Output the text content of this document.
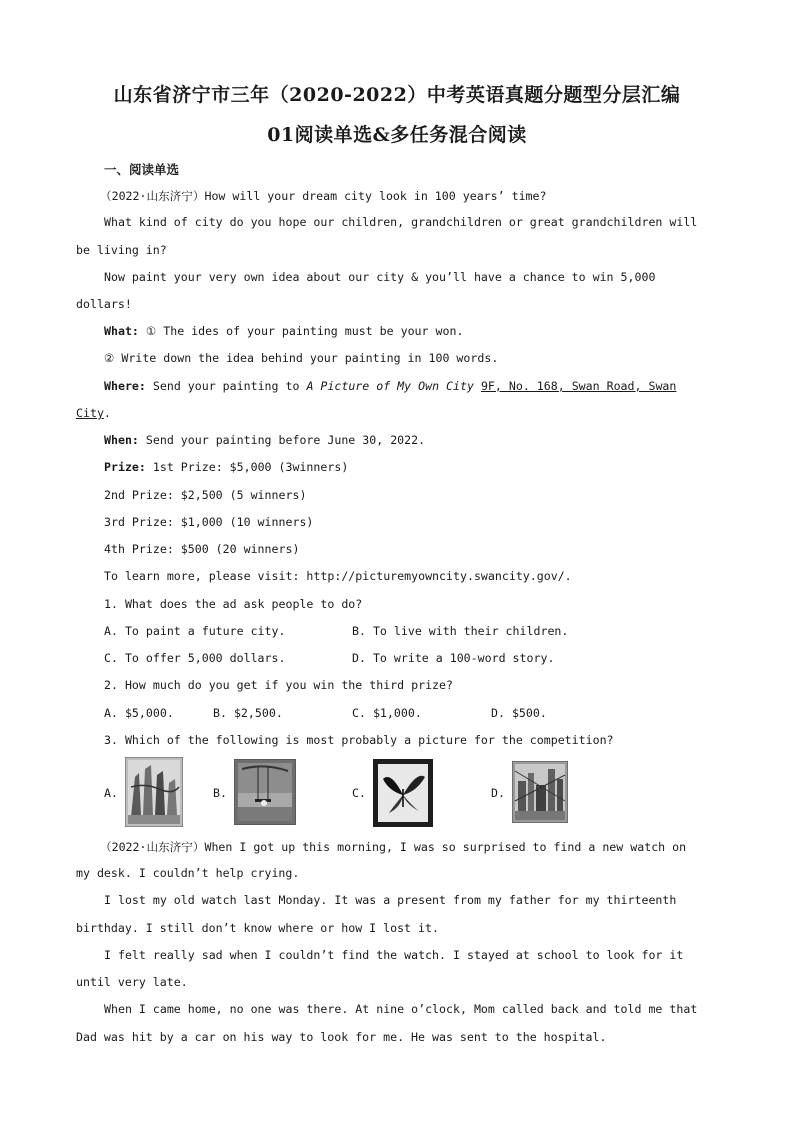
山东省济宁市三年（2020-2022）中考英语真题分题型分层汇编
01阅读单选&多任务混合阅读
一、阅读单选
（2022·山东济宁）How will your dream city look in 100 years’ time?
What kind of city do you hope our children, grandchildren or great grandchildren will
be living in?
Now paint your very own idea about our city & you’ll have a chance to win 5,000
dollars!
What: ① The ides of your painting must be your won.
② Write down the idea behind your painting in 100 words.
Where: Send your painting to A Picture of My Own City 9F, No. 168, Swan Road, Swan
City.
When: Send your painting before June 30, 2022.
Prize: 1st Prize: $5,000 (3winners)
2nd Prize: $2,500 (5 winners)
3rd Prize: $1,000 (10 winners)
4th Prize: $500 (20 winners)
To learn more, please visit: http://picturemyowncity.swancity.gov/.
1. What does the ad ask people to do?
A. To paint a future city.	B. To live with their children.
C. To offer 5,000 dollars.	D. To write a 100-word story.
2. How much do you get if you win the third prize?
A. $5,000.	B. $2,500.	C. $1,000.	D. $500.
3. Which of the following is most probably a picture for the competition?
A.	B.	C.	D.
（2022·山东济宁）When I got up this morning, I was so surprised to find a new watch on
my desk. I couldn’t help crying.
I lost my old watch last Monday. It was a present from my father for my thirteenth
birthday. I still don’t know where or how I lost it.
I felt really sad when I couldn’t find the watch. I stayed at school to look for it
until very late.
When I came home, no one was there. At nine o’clock, Mom called back and told me that
Dad was hit by a car on his way to look for me. He was sent to the hospital.
